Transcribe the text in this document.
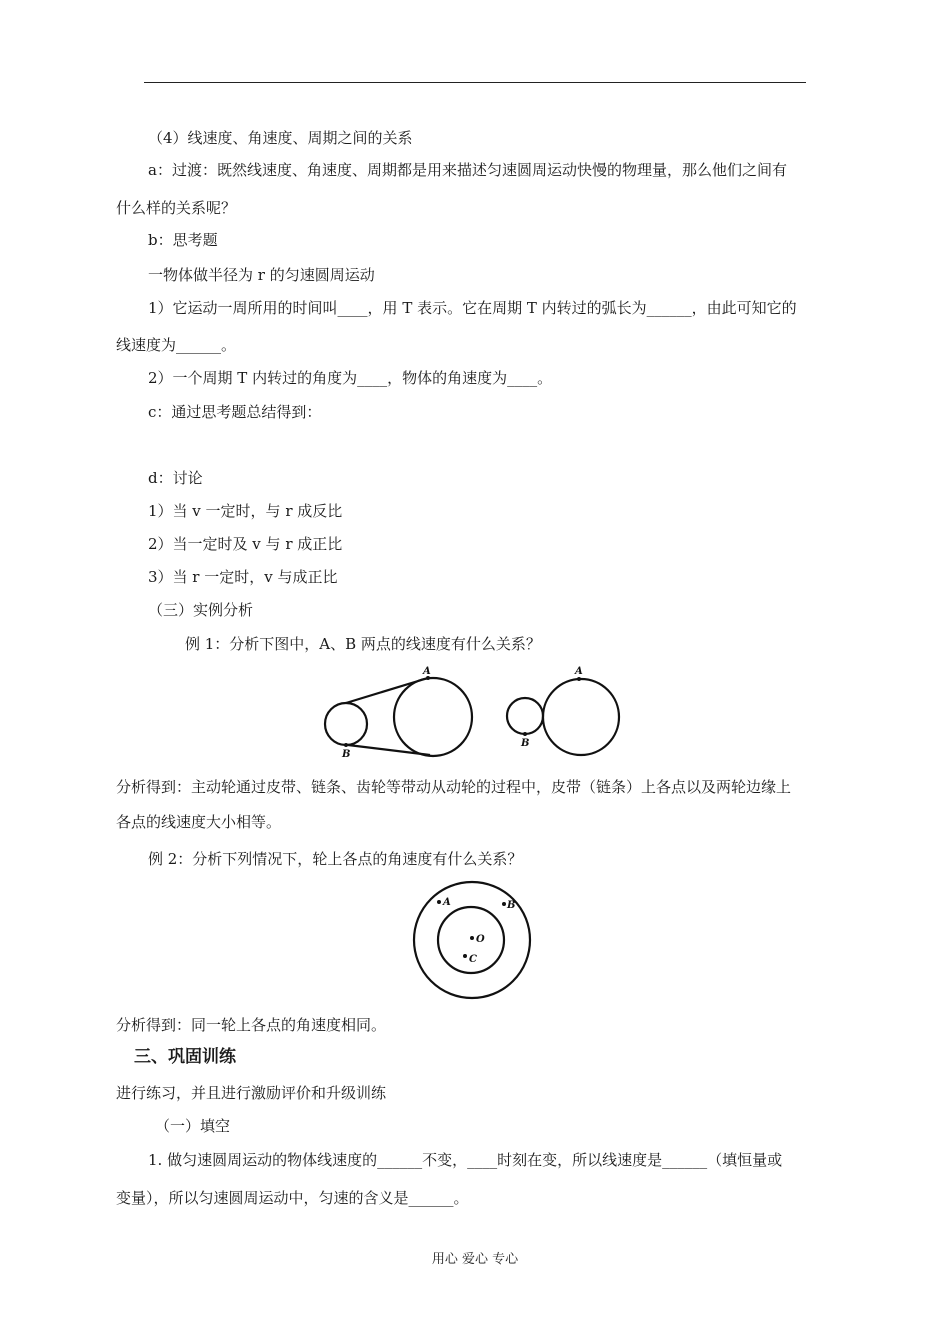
（4）线速度、角速度、周期之间的关系
a：过渡：既然线速度、角速度、周期都是用来描述匀速圆周运动快慢的物理量，那么他们之间有
什么样的关系呢？
b：思考题
一物体做半径为 r 的匀速圆周运动
1）它运动一周所用的时间叫____，用 T 表示。它在周期 T 内转过的弧长为______，由此可知它的
线速度为______。
2）一个周期 T 内转过的角度为____，物体的角速度为____。
c：通过思考题总结得到：
d：讨论
1）当 v 一定时，与 r 成反比
2）当一定时及 v 与 r 成正比
3）当 r 一定时，v 与成正比
（三）实例分析
例 1：分析下图中，A、B 两点的线速度有什么关系？
A
B
A
B
分析得到：主动轮通过皮带、链条、齿轮等带动从动轮的过程中，皮带（链条）上各点以及两轮边缘上
各点的线速度大小相等。
例 2：分析下列情况下，轮上各点的角速度有什么关系？
A	B
O
C
分析得到：同一轮上各点的角速度相同。
三、巩固训练
进行练习，并且进行激励评价和升级训练
（一）填空
1. 做匀速圆周运动的物体线速度的______不变，____时刻在变，所以线速度是______（填恒量或
变量），所以匀速圆周运动中，匀速的含义是______。
用心 爱心 专心
